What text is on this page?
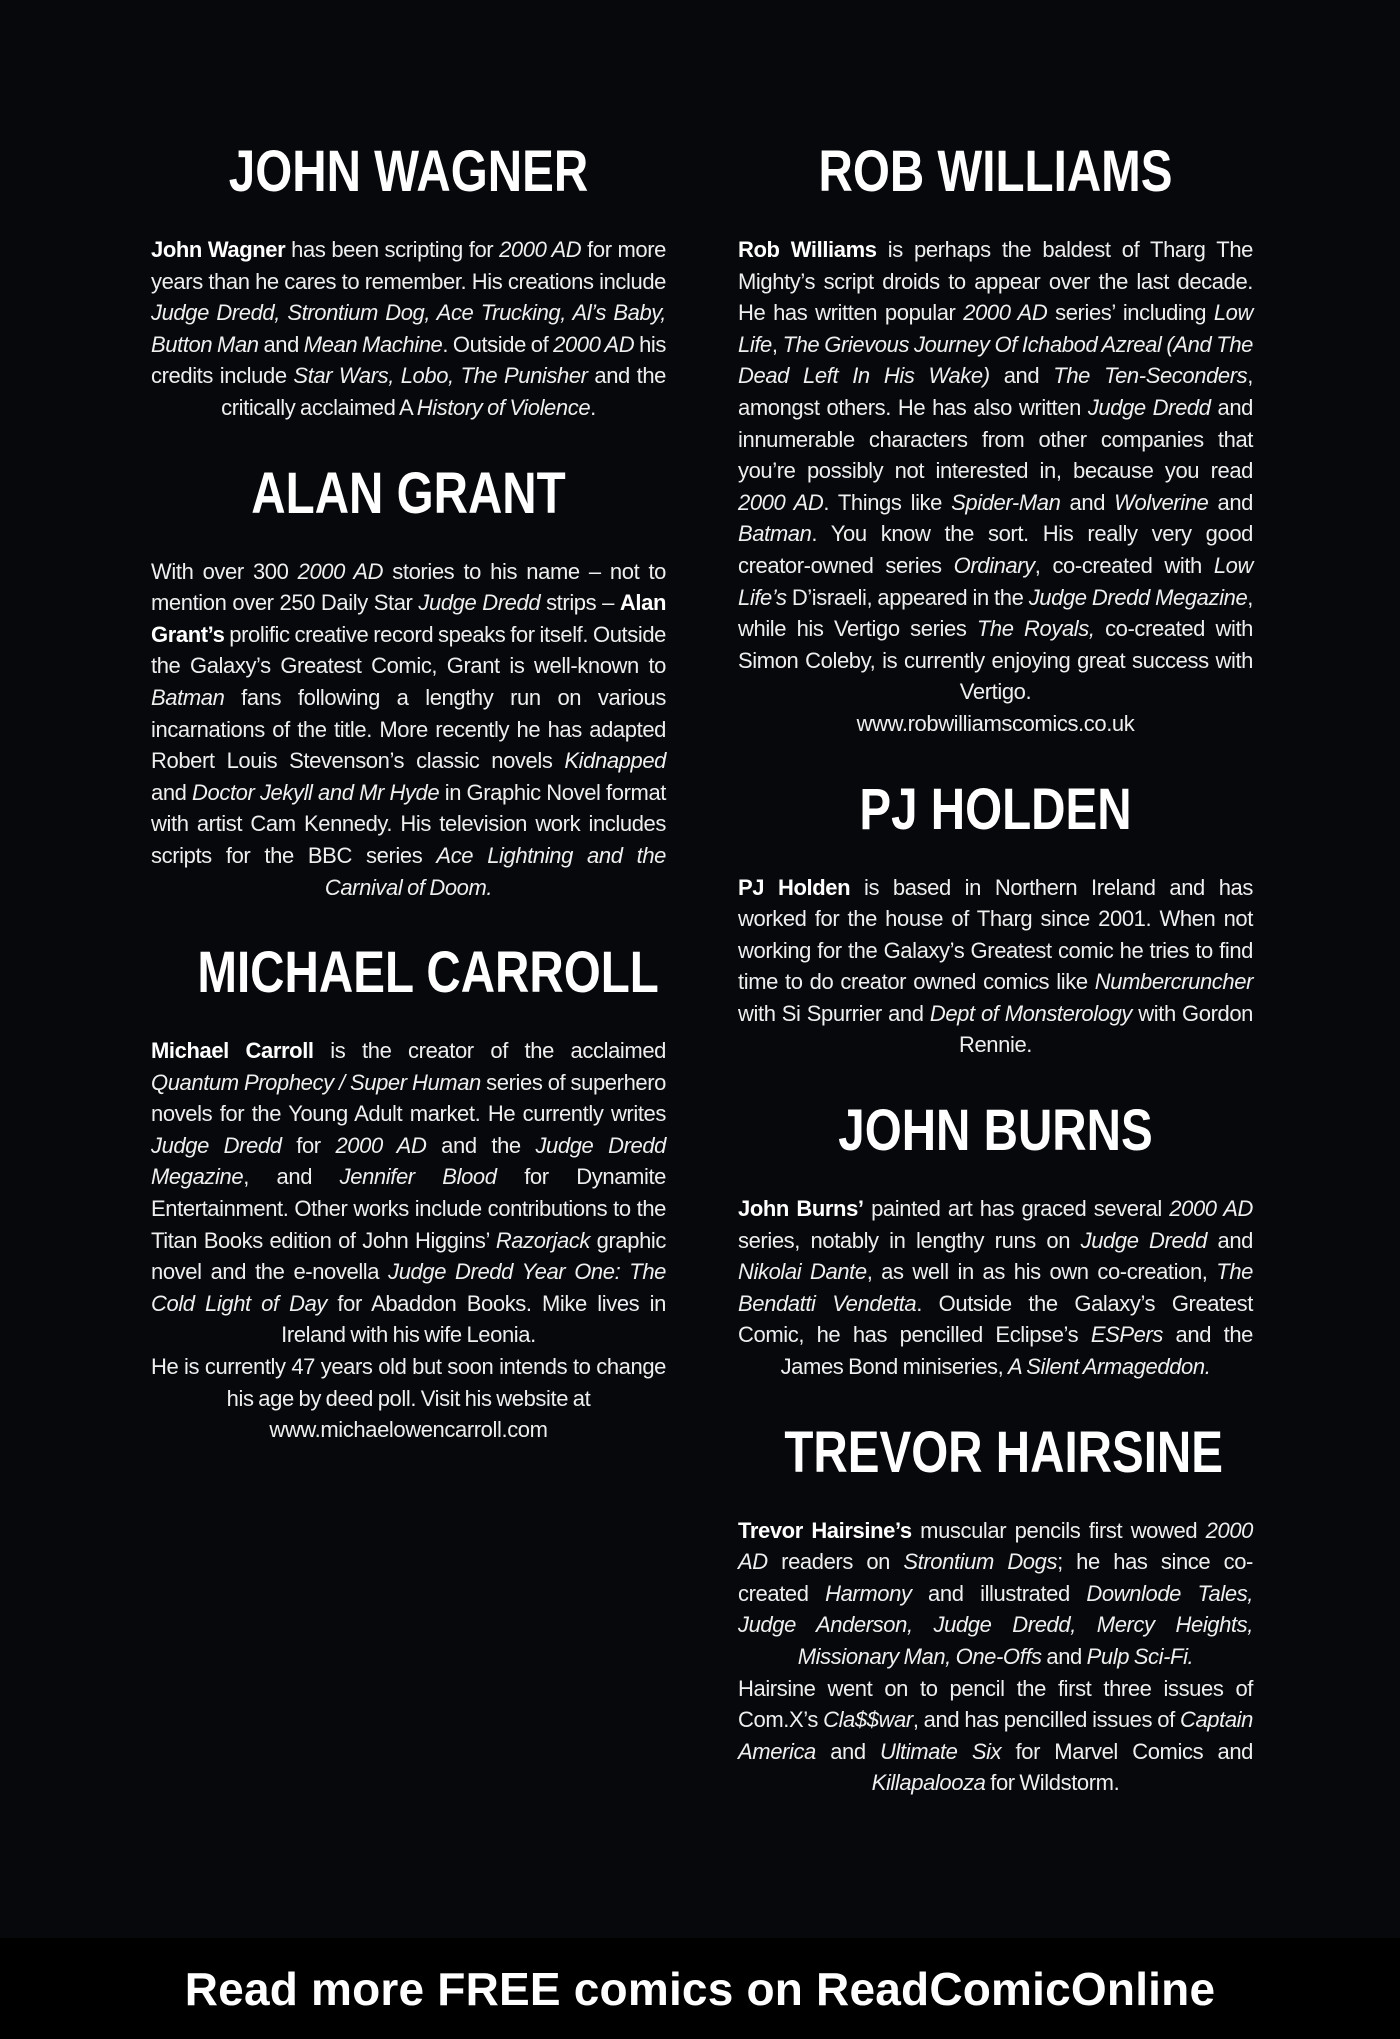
JOHN WAGNER

John Wagner has been scripting for 2000 AD for more years than he cares to remember. His creations include Judge Dredd, Strontium Dog, Ace Trucking, Al’s Baby, Button Man and Mean Machine. Outside of 2000 AD his credits include Star Wars, Lobo, The Punisher and the critically acclaimed A History of Violence.

ALAN GRANT

With over 300 2000 AD stories to his name – not to mention over 250 Daily Star Judge Dredd strips – Alan Grant’s prolific creative record speaks for itself. Outside the Galaxy’s Greatest Comic, Grant is well-known to Batman fans following a lengthy run on various incarnations of the title. More recently he has adapted Robert Louis Stevenson’s classic novels Kidnapped and Doctor Jekyll and Mr Hyde in Graphic Novel format with artist Cam Kennedy. His television work includes scripts for the BBC series Ace Lightning and the Carnival of Doom.

MICHAEL CARROLL

Michael Carroll is the creator of the acclaimed Quantum Prophecy / Super Human series of superhero novels for the Young Adult market. He currently writes Judge Dredd for 2000 AD and the Judge Dredd Megazine, and Jennifer Blood for Dynamite Entertainment. Other works include contributions to the Titan Books edition of John Higgins’ Razorjack graphic novel and the e-novella Judge Dredd Year One: The Cold Light of Day for Abaddon Books. Mike lives in Ireland with his wife Leonia.

He is currently 47 years old but soon intends to change his age by deed poll. Visit his website at

www.michaelowencarroll.com

ROB WILLIAMS

Rob Williams is perhaps the baldest of Tharg The Mighty’s script droids to appear over the last decade. He has written popular 2000 AD series’ including Low Life, The Grievous Journey Of Ichabod Azreal (And The Dead Left In His Wake) and The Ten-Seconders, amongst others. He has also written Judge Dredd and innumerable characters from other companies that you’re possibly not interested in, because you read 2000 AD. Things like Spider-Man and Wolverine and Batman. You know the sort. His really very good creator-owned series Ordinary, co-created with Low Life’s D’israeli, appeared in the Judge Dredd Megazine, while his Vertigo series The Royals, co-created with Simon Coleby, is currently enjoying great success with Vertigo.

www.robwilliamscomics.co.uk

PJ HOLDEN

PJ Holden is based in Northern Ireland and has worked for the house of Tharg since 2001. When not working for the Galaxy’s Greatest comic he tries to find time to do creator owned comics like Numbercruncher with Si Spurrier and Dept of Monsterology with Gordon Rennie.

JOHN BURNS

John Burns’ painted art has graced several 2000 AD series, notably in lengthy runs on Judge Dredd and Nikolai Dante, as well in as his own co-creation, The Bendatti Vendetta. Outside the Galaxy’s Greatest Comic, he has pencilled Eclipse’s ESPers and the James Bond miniseries, A Silent Armageddon.

TREVOR HAIRSINE

Trevor Hairsine’s muscular pencils first wowed 2000 AD readers on Strontium Dogs; he has since co-created Harmony and illustrated Downlode Tales, Judge Anderson, Judge Dredd, Mercy Heights, Missionary Man, One-Offs and Pulp Sci-Fi.

Hairsine went on to pencil the first three issues of Com.X’s Cla$$war, and has pencilled issues of Captain America and Ultimate Six for Marvel Comics and Killapalooza for Wildstorm.

Read more FREE comics on ReadComicOnline
